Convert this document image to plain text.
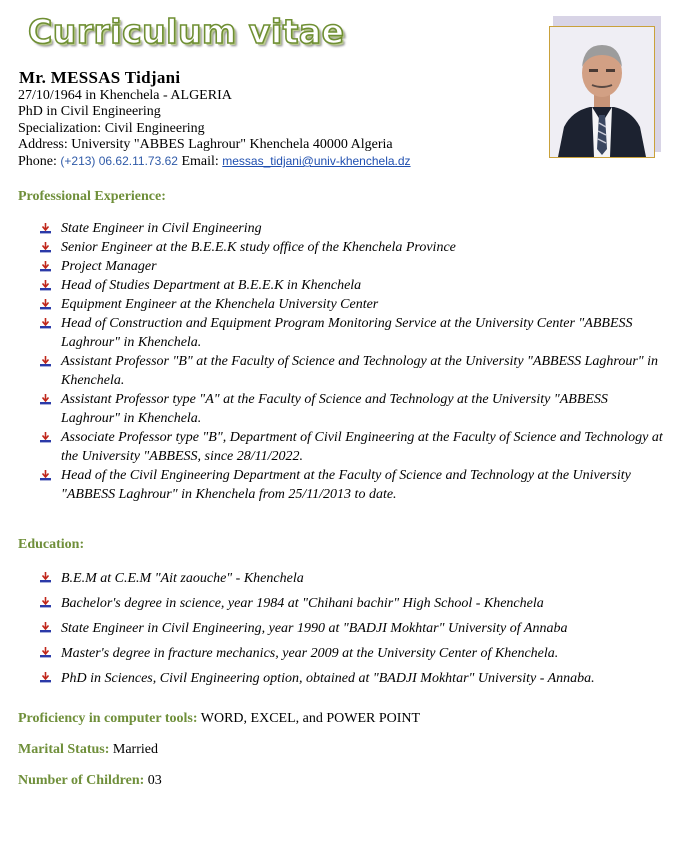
Curriculum vitae
Mr. MESSAS Tidjani
27/10/1964 in Khenchela - ALGERIA
PhD in Civil Engineering
Specialization: Civil Engineering
Address: University "ABBES Laghrour" Khenchela 40000 Algeria
Phone: (+213) 06.62.11.73.62 Email: messas_tidjani@univ-khenchela.dz
Professional Experience:
State Engineer in Civil Engineering
Senior Engineer at the B.E.E.K study office of the Khenchela Province
Project Manager
Head of Studies Department at B.E.E.K in Khenchela
Equipment Engineer at the Khenchela University Center
Head of Construction and Equipment Program Monitoring Service at the University Center "ABBESS Laghrour" in Khenchela.
Assistant Professor "B" at the Faculty of Science and Technology at the University "ABBESS Laghrour" in Khenchela.
Assistant Professor type "A" at the Faculty of Science and Technology at the University "ABBESS Laghrour" in Khenchela.
Associate Professor type "B", Department of Civil Engineering at the Faculty of Science and Technology at the University "ABBESS, since 28/11/2022.
Head of the Civil Engineering Department at the Faculty of Science and Technology at the University "ABBESS Laghrour" in Khenchela from 25/11/2013 to date.
Education:
B.E.M at C.E.M "Ait zaouche" - Khenchela
Bachelor's degree in science, year 1984 at "Chihani bachir" High School - Khenchela
State Engineer in Civil Engineering, year 1990 at "BADJI Mokhtar" University of Annaba
Master's degree in fracture mechanics, year 2009 at the University Center of Khenchela.
PhD in Sciences, Civil Engineering option, obtained at "BADJI Mokhtar" University - Annaba.
Proficiency in computer tools: WORD, EXCEL, and POWER POINT
Marital Status: Married
Number of Children: 03
